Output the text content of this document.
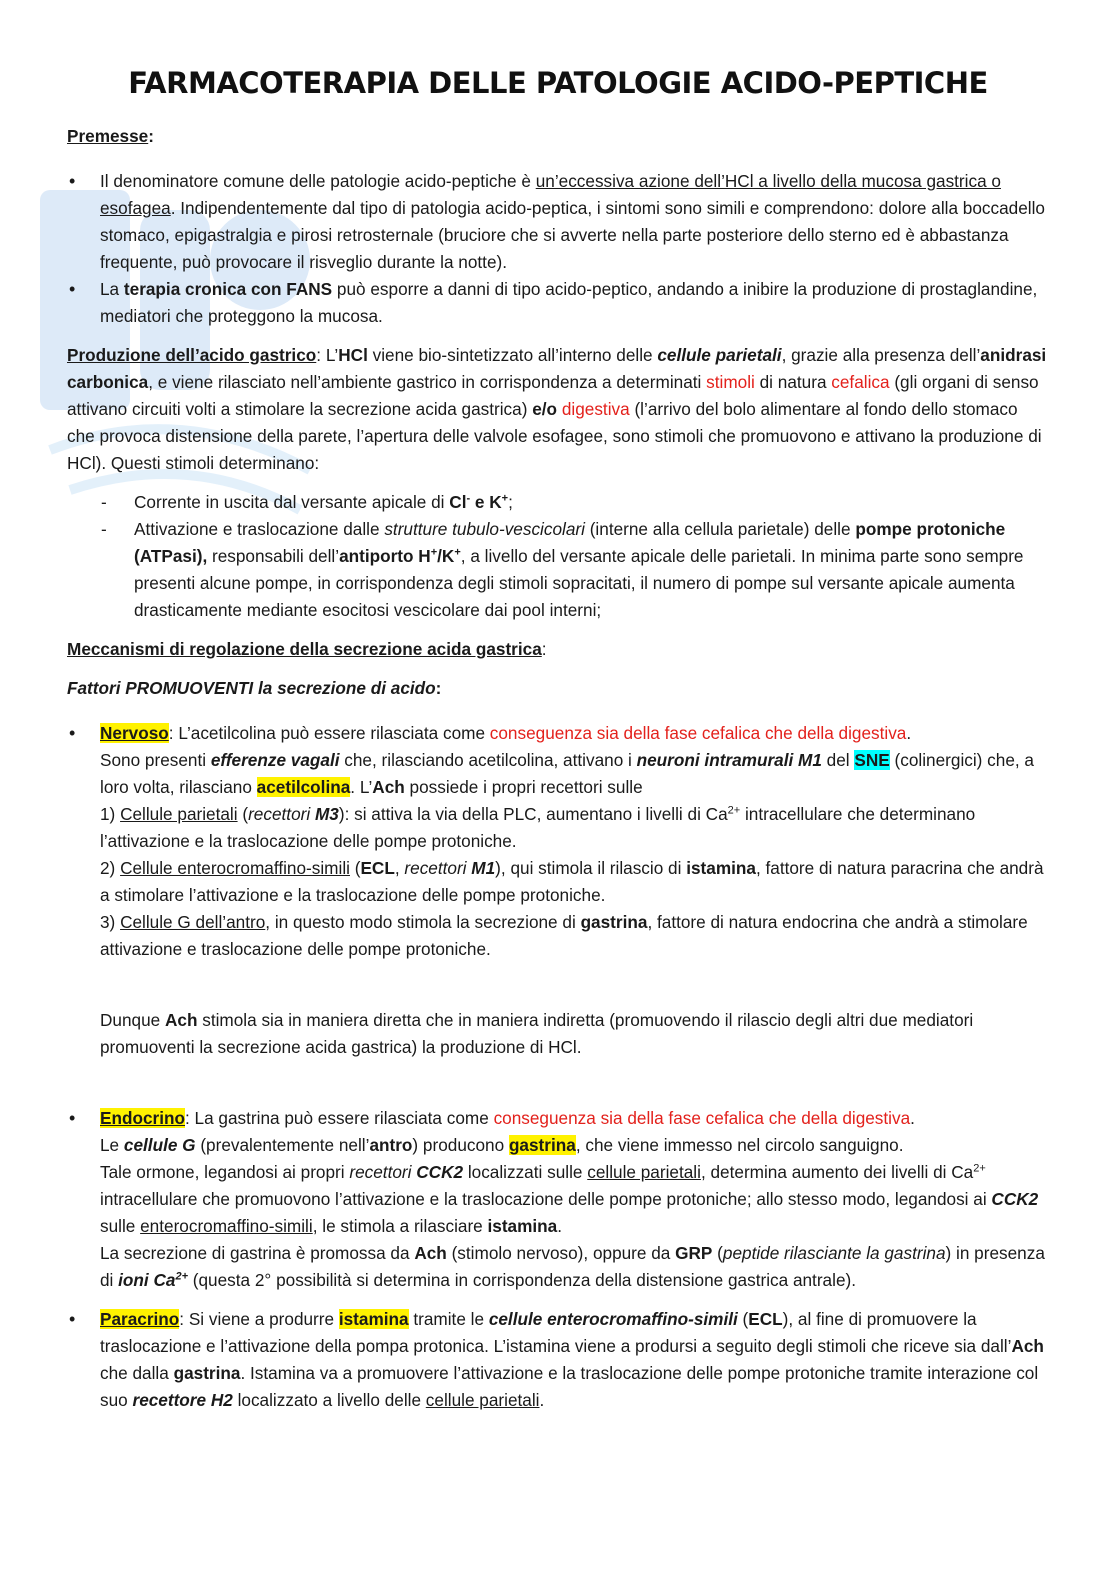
FARMACOTERAPIA DELLE PATOLOGIE ACIDO-PEPTICHE

Premesse:

• Il denominatore comune delle patologie acido-peptiche è un’eccessiva azione dell’HCl a livello della mucosa gastrica o esofagea. Indipendentemente dal tipo di patologia acido-peptica, i sintomi sono simili e comprendono: dolore alla boccadello stomaco, epigastralgia e pirosi retrosternale (bruciore che si avverte nella parte posteriore dello sterno ed è abbastanza frequente, può provocare il risveglio durante la notte).
• La terapia cronica con FANS può esporre a danni di tipo acido-peptico, andando a inibire la produzione di prostaglandine, mediatori che proteggono la mucosa.

Produzione dell’acido gastrico: L’HCl viene bio-sintetizzato all’interno delle cellule parietali, grazie alla presenza dell’anidrasi carbonica, e viene rilasciato nell’ambiente gastrico in corrispondenza a determinati stimoli di natura cefalica (gli organi di senso attivano circuiti volti a stimolare la secrezione acida gastrica) e/o digestiva (l’arrivo del bolo alimentare al fondo dello stomaco che provoca distensione della parete, l’apertura delle valvole esofagee, sono stimoli che promuovono e attivano la produzione di HCl). Questi stimoli determinano:

- Corrente in uscita dal versante apicale di Cl- e K+;
- Attivazione e traslocazione dalle strutture tubulo-vescicolari (interne alla cellula parietale) delle pompe protoniche (ATPasi), responsabili dell’antiporto H+/K+, a livello del versante apicale delle parietali. In minima parte sono sempre presenti alcune pompe, in corrispondenza degli stimoli sopracitati, il numero di pompe sul versante apicale aumenta drasticamente mediante esocitosi vescicolare dai pool interni;

Meccanismi di regolazione della secrezione acida gastrica:

Fattori PROMUOVENTI la secrezione di acido:

• Nervoso: L’acetilcolina può essere rilasciata come conseguenza sia della fase cefalica che della digestiva.
Sono presenti efferenze vagali che, rilasciando acetilcolina, attivano i neuroni intramurali M1 del SNE (colinergici) che, a loro volta, rilasciano acetilcolina. L’Ach possiede i propri recettori sulle
1) Cellule parietali (recettori M3): si attiva la via della PLC, aumentano i livelli di $Ca^{2+}$ intracellulare che determinano l’attivazione e la traslocazione delle pompe protoniche.
2) Cellule enterocromaffino-simili (ECL, recettori M1), qui stimola il rilascio di istamina, fattore di natura paracrina che andrà a stimolare l’attivazione e la traslocazione delle pompe protoniche.
3) Cellule G dell’antro, in questo modo stimola la secrezione di gastrina, fattore di natura endocrina che andrà a stimolare attivazione e traslocazione delle pompe protoniche.
Dunque Ach stimola sia in maniera diretta che in maniera indiretta (promuovendo il rilascio degli altri due mediatori promuoventi la secrezione acida gastrica) la produzione di HCl.
• Endocrino: La gastrina può essere rilasciata come conseguenza sia della fase cefalica che della digestiva.
Le cellule G (prevalentemente nell’antro) producono gastrina, che viene immesso nel circolo sanguigno.
Tale ormone, legandosi ai propri recettori CCK2 localizzati sulle cellule parietali, determina aumento dei livelli di $Ca^{2+}$ intracellulare che promuovono l’attivazione e la traslocazione delle pompe protoniche; allo stesso modo, legandosi ai CCK2 sulle enterocromaffino-simili, le stimola a rilasciare istamina.
La secrezione di gastrina è promossa da Ach (stimolo nervoso), oppure da GRP (peptide rilasciante la gastrina) in presenza di ioni $Ca^{2+}$ (questa 2° possibilità si determina in corrispondenza della distensione gastrica antrale).
• Paracrino: Si viene a produrre istamina tramite le cellule enterocromaffino-simili (ECL), al fine di promuovere la traslocazione e l’attivazione della pompa protonica. L’istamina viene a prodursi a seguito degli stimoli che riceve sia dall’Ach che dalla gastrina. Istamina va a promuovere l’attivazione e la traslocazione delle pompe protoniche tramite interazione col suo recettore H2 localizzato a livello delle cellule parietali.
